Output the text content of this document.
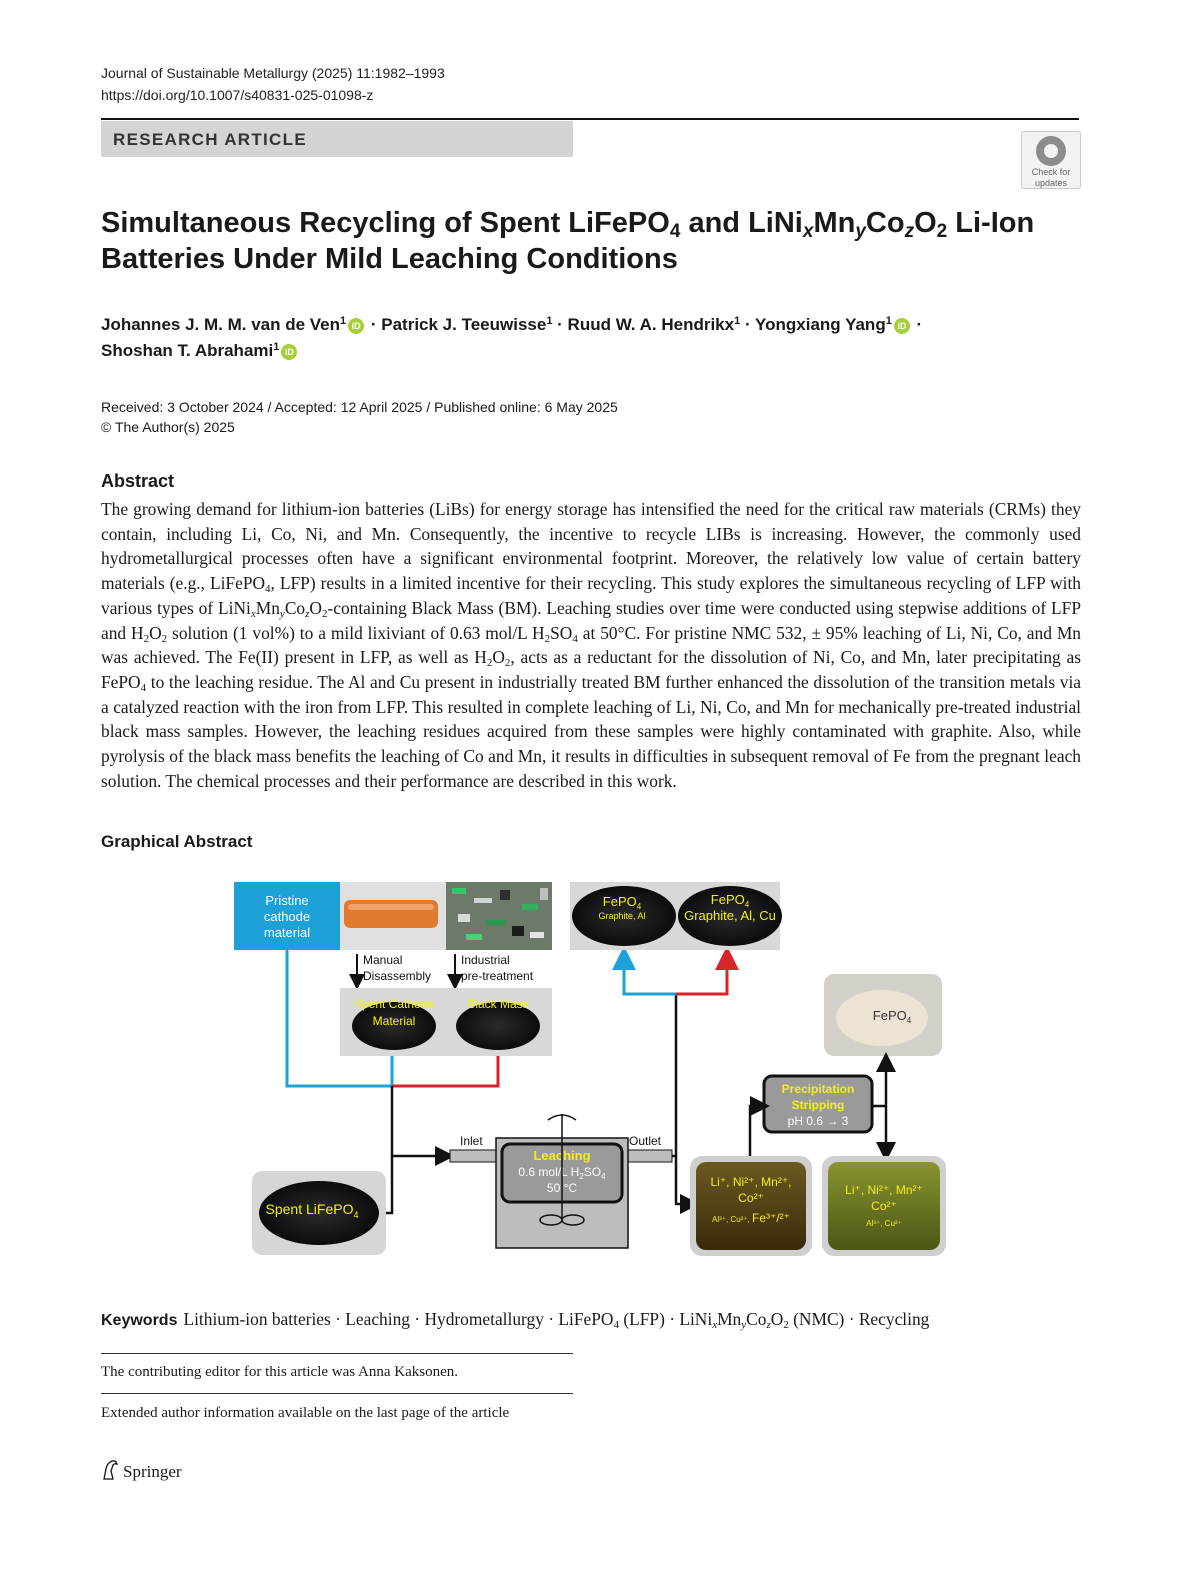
Journal of Sustainable Metallurgy (2025) 11:1982–1993
https://doi.org/10.1007/s40831-025-01098-z
RESEARCH ARTICLE
Check for
updates
Simultaneous Recycling of Spent LiFePO$_4$ and $LiNi_xMn_yCo_zO_2$ Li-Ion
Batteries Under Mild Leaching Conditions
Johannes J. M. M. van de Ven$^1$ iD · Patrick J. Teeuwisse$^1$ · Ruud W. A. Hendrikx$^1$ · Yongxiang Yang$^1$ iD ·
Shoshan T. Abrahami$^1$ iD
Received: 3 October 2024 / Accepted: 12 April 2025 / Published online: 6 May 2025
© The Author(s) 2025
Abstract
The growing demand for lithium-ion batteries (LiBs) for energy storage has intensified the need for the critical raw materials (CRMs) they contain, including Li, Co, Ni, and Mn. Consequently, the incentive to recycle LIBs is increasing. However, the commonly used hydrometallurgical processes often have a significant environmental footprint. Moreover, the relatively low value of certain battery materials (e.g., LiFePO$_4$, LFP) results in a limited incentive for their recycling. This study explores the simultaneous recycling of LFP with various types of $LiNi_xMn_yCo_zO_2$-containing Black Mass (BM). Leaching studies over time were conducted using stepwise additions of LFP and $H_2O_2$ solution (1 vol%) to a mild lixiviant of 0.63 mol/L $H_2SO_4$ at 50°C. For pristine NMC 532, ± 95% leaching of Li, Ni, Co, and Mn was achieved. The Fe(II) present in LFP, as well as $H_2O_2$, acts as a reductant for the dissolution of Ni, Co, and Mn, later precipitating as FePO$_4$ to the leaching residue. The Al and Cu present in industrially treated BM further enhanced the dissolution of the transition metals via a catalyzed reaction with the iron from LFP. This resulted in complete leaching of Li, Ni, Co, and Mn for mechanically pre-treated industrial black mass samples. However, the leaching residues acquired from these samples were highly contaminated with graphite. Also, while pyrolysis of the black mass benefits the leaching of Co and Mn, it results in difficulties in subsequent removal of Fe from the pregnant leach solution. The chemical processes and their performance are described in this work.
Graphical Abstract
Pristine
cathode
material
Manual
Disassembly
Industrial
pre-treatment
Spent Cathode
Material
Black Mass
Spent LiFePO$_4$
Inlet	Outlet
Leaching
0.6 mol/L $H_2SO_4$
50 °C
FePO$_4$
Graphite, Al
FePO$_4$
Graphite, Al, Cu
FePO$_4$
Precipitation
Stripping
pH 0.6 → 3
Li⁺, Ni²⁺, Mn²⁺,
Co²⁺
Al³⁺, Cu²⁺, Fe³⁺/²⁺
Li⁺, Ni²⁺, Mn²⁺
Co²⁺
Al³⁺, Cu²⁺
Keywords Lithium-ion batteries · Leaching · Hydrometallurgy · LiFePO$_4$ $(LFP) \cdot LiNi_xMn_yCo_zO_2$ (NMC) · Recycling
The contributing editor for this article was Anna Kaksonen.
Extended author information available on the last page of the article
Springer
